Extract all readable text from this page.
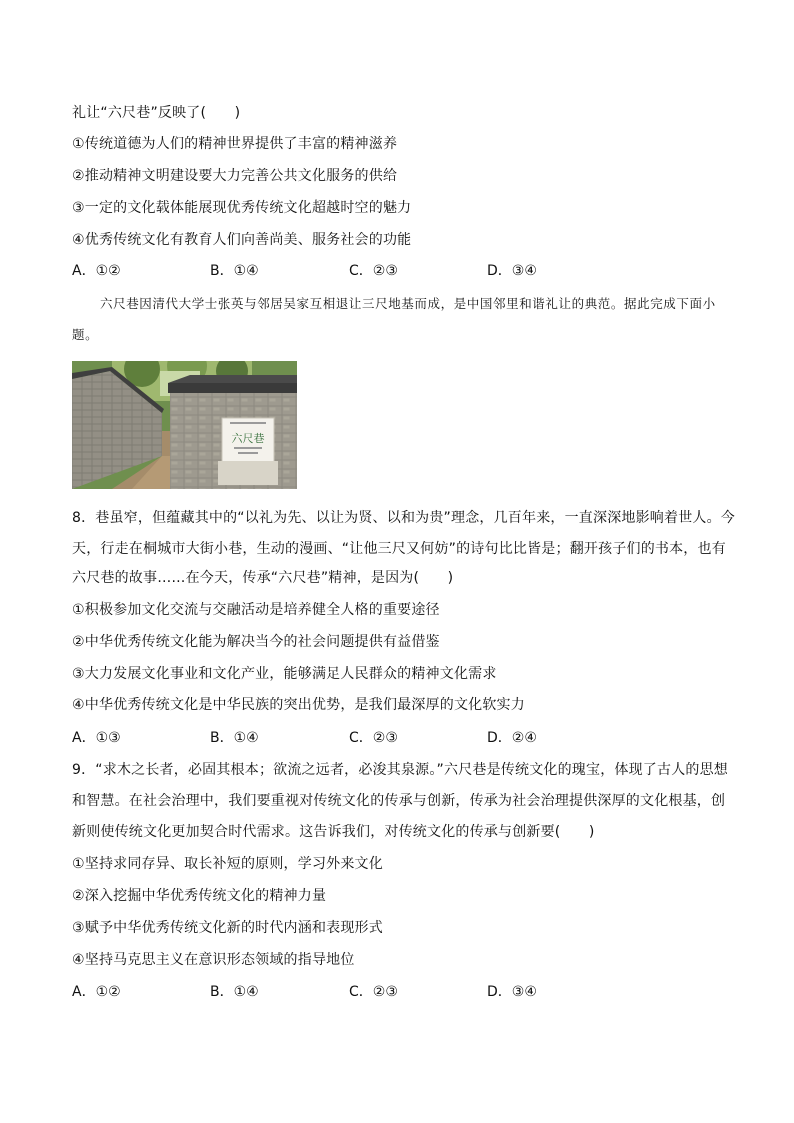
礼让“六尺巷”反映了(　　)
①传统道德为人们的精神世界提供了丰富的精神滋养
②推动精神文明建设要大力完善公共文化服务的供给
③一定的文化载体能展现优秀传统文化超越时空的魅力
④优秀传统文化有教育人们向善尚美、服务社会的功能
A．①②	B．①④	C．②③	D．③④
六尺巷因清代大学士张英与邻居吴家互相退让三尺地基而成，是中国邻里和谐礼让的典范。据此完成下面小题。
六尺巷
8．巷虽窄，但蕴藏其中的“以礼为先、以让为贤、以和为贵”理念，几百年来，一直深深地影响着世人。今
天，行走在桐城市大街小巷，生动的漫画、“让他三尺又何妨”的诗句比比皆是；翻开孩子们的书本，也有
六尺巷的故事……在今天，传承“六尺巷”精神，是因为(　　)
①积极参加文化交流与交融活动是培养健全人格的重要途径
②中华优秀传统文化能为解决当今的社会问题提供有益借鉴
③大力发展文化事业和文化产业，能够满足人民群众的精神文化需求
④中华优秀传统文化是中华民族的突出优势，是我们最深厚的文化软实力
A．①③	B．①④	C．②③	D．②④
9．“求木之长者，必固其根本；欲流之远者，必浚其泉源。”六尺巷是传统文化的瑰宝，体现了古人的思想
和智慧。在社会治理中，我们要重视对传统文化的传承与创新，传承为社会治理提供深厚的文化根基，创
新则使传统文化更加契合时代需求。这告诉我们，对传统文化的传承与创新要(　　)
①坚持求同存异、取长补短的原则，学习外来文化
②深入挖掘中华优秀传统文化的精神力量
③赋予中华优秀传统文化新的时代内涵和表现形式
④坚持马克思主义在意识形态领域的指导地位
A．①②	B．①④	C．②③	D．③④
